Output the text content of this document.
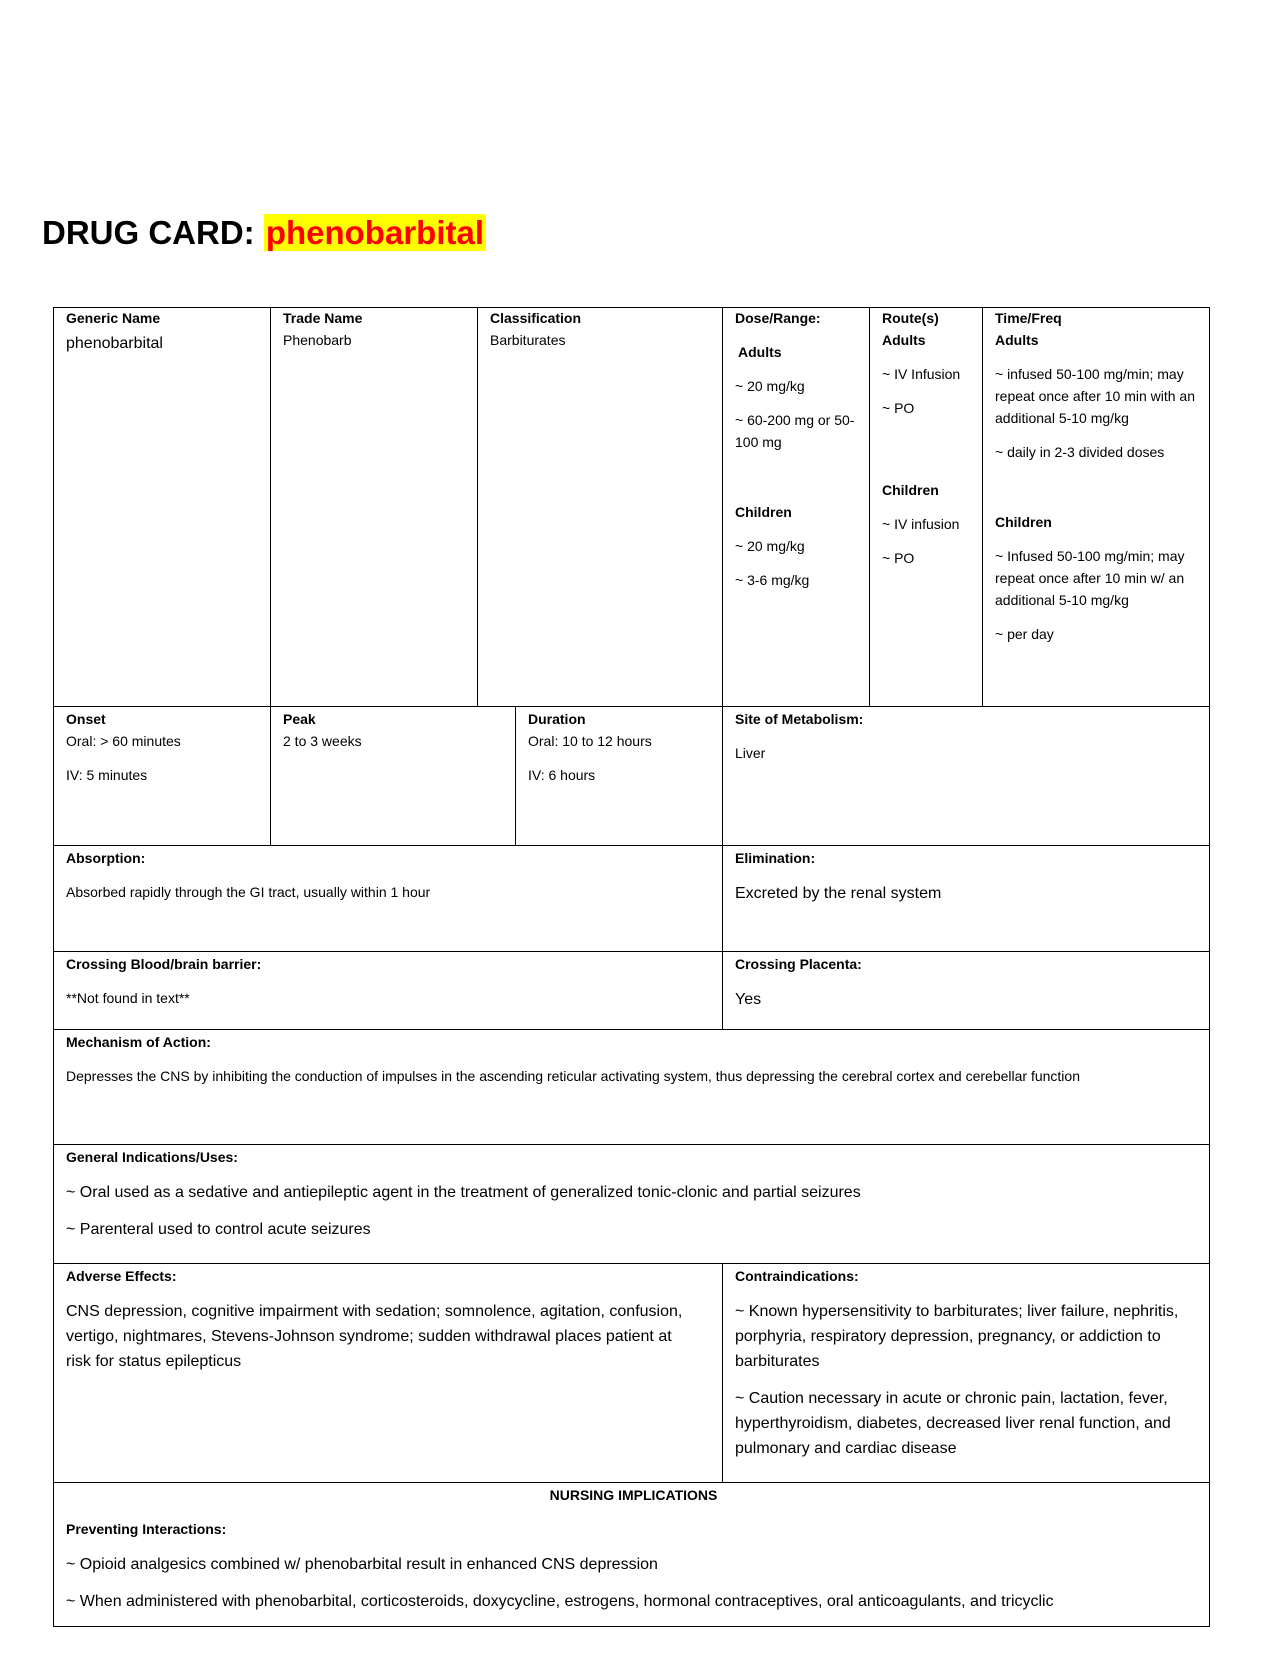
DRUG CARD: phenobarbital

Generic Name

phenobarbital

Trade Name

Phenobarb

Classification

Barbiturates

Dose/Range:

Adults

~ 20 mg/kg

~ 60-200 mg or 50-100 mg

Children

~ 20 mg/kg

~ 3-6 mg/kg

Route(s)

Adults

~ IV Infusion

~ PO

Children

~ IV infusion

~ PO

Time/Freq

Adults

~ infused 50-100 mg/min; may repeat once after 10 min with an additional 5-10 mg/kg

~ daily in 2-3 divided doses

Children

~ Infused 50-100 mg/min; may repeat once after 10 min w/ an additional 5-10 mg/kg

~ per day

Onset

Oral: > 60 minutes

IV: 5 minutes

Peak

2 to 3 weeks

Duration

Oral: 10 to 12 hours

IV: 6 hours

Site of Metabolism:

Liver

Absorption:

Absorbed rapidly through the GI tract, usually within 1 hour

Elimination:

Excreted by the renal system

Crossing Blood/brain barrier:

**Not found in text**

Crossing Placenta:

Yes

Mechanism of Action:

Depresses the CNS by inhibiting the conduction of impulses in the ascending reticular activating system, thus depressing the cerebral cortex and cerebellar function

General Indications/Uses:

~ Oral used as a sedative and antiepileptic agent in the treatment of generalized tonic-clonic and partial seizures

~ Parenteral used to control acute seizures

Adverse Effects:

CNS depression, cognitive impairment with sedation; somnolence, agitation, confusion, vertigo, nightmares, Stevens-Johnson syndrome; sudden withdrawal places patient at risk for status epilepticus

Contraindications:

~ Known hypersensitivity to barbiturates; liver failure, nephritis, porphyria, respiratory depression, pregnancy, or addiction to barbiturates

~ Caution necessary in acute or chronic pain, lactation, fever, hyperthyroidism, diabetes, decreased liver renal function, and pulmonary and cardiac disease

NURSING IMPLICATIONS

Preventing Interactions:

~ Opioid analgesics combined w/ phenobarbital result in enhanced CNS depression

~ When administered with phenobarbital, corticosteroids, doxycycline, estrogens, hormonal contraceptives, oral anticoagulants, and tricyclic
